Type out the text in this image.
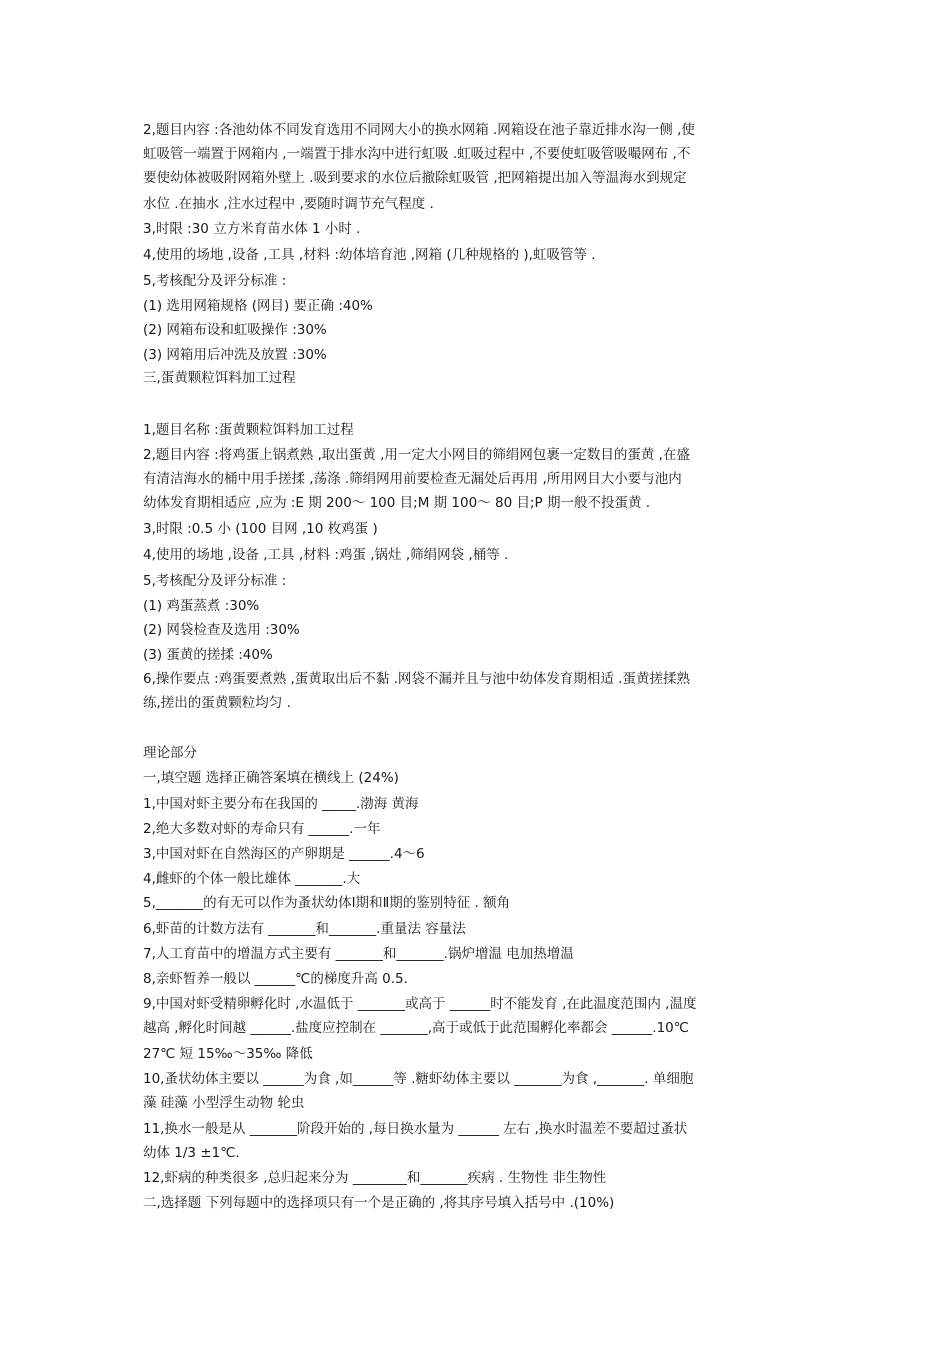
2,题目内容 :各池幼体不同发育选用不同网大小的换水网箱 .网箱设在池子靠近排水沟一侧 ,使
虹吸管一端置于网箱内 ,一端置于排水沟中进行虹吸 .虹吸过程中 ,不要使虹吸管吸嘬网布 ,不
要使幼体被吸附网箱外壁上 .吸到要求的水位后撤除虹吸管 ,把网箱提出加入等温海水到规定
水位 .在抽水 ,注水过程中 ,要随时调节充气程度 .
3,时限 :30 立方米育苗水体 1 小时 .
4,使用的场地 ,设备 ,工具 ,材料 :幼体培育池 ,网箱 (几种规格的 ),虹吸管等 .
5,考核配分及评分标准 :
(1) 选用网箱规格 (网目) 要正确 :40%
(2) 网箱布设和虹吸操作 :30%
(3) 网箱用后冲洗及放置 :30%
三,蛋黄颗粒饵料加工过程
1,题目名称 :蛋黄颗粒饵料加工过程
2,题目内容 :将鸡蛋上锅煮熟 ,取出蛋黄 ,用一定大小网目的筛绢网包裹一定数目的蛋黄 ,在盛
有清洁海水的桶中用手搓揉 ,荡涤 .筛绢网用前要检查无漏处后再用 ,所用网目大小要与池内
幼体发育期相适应 ,应为 :E 期 200～ 100 目;M 期 100～ 80 目;P 期一般不投蛋黄 .
3,时限 :0.5 小 (100 目网 ,10 枚鸡蛋 )
4,使用的场地 ,设备 ,工具 ,材料 :鸡蛋 ,锅灶 ,筛绢网袋 ,桶等 .
5,考核配分及评分标准 :
(1) 鸡蛋蒸煮 :30%
(2) 网袋检查及选用 :30%
(3) 蛋黄的搓揉 :40%
6,操作要点 :鸡蛋要煮熟 ,蛋黄取出后不黏 .网袋不漏并且与池中幼体发育期相适 .蛋黄搓揉熟
练,搓出的蛋黄颗粒均匀 .
理论部分
一,填空题 选择正确答案填在横线上 (24%)
1,中国对虾主要分布在我国的 _____.渤海 黄海
2,绝大多数对虾的寿命只有 ______.一年
3,中国对虾在自然海区的产卵期是 ______.4～6
4,雌虾的个体一般比雄体 _______.大
5,_______的有无可以作为蚤状幼体Ⅰ期和Ⅱ期的鉴别特征 . 额角
6,虾苗的计数方法有 _______和_______.重量法 容量法
7,人工育苗中的增温方式主要有 _______和_______.锅炉增温 电加热增温
8,亲虾暂养一般以 ______℃的梯度升高 0.5.
9,中国对虾受精卵孵化时 ,水温低于 _______或高于 ______时不能发育 ,在此温度范围内 ,温度
越高 ,孵化时间越 ______.盐度应控制在 _______,高于或低于此范围孵化率都会 ______.10℃
27℃ 短 15‰～35‰ 降低
10,蚤状幼体主要以 ______为食 ,如______等 .糖虾幼体主要以 _______为食 ,_______. 单细胞
藻 硅藻 小型浮生动物 轮虫
11,换水一般是从 _______阶段开始的 ,每日换水量为 ______ 左右 ,换水时温差不要超过蚤状
幼体 1/3 ±1℃.
12,虾病的种类很多 ,总归起来分为 ________和_______疾病 . 生物性 非生物性
二,选择题 下列每题中的选择项只有一个是正确的 ,将其序号填入括号中 .(10%)
